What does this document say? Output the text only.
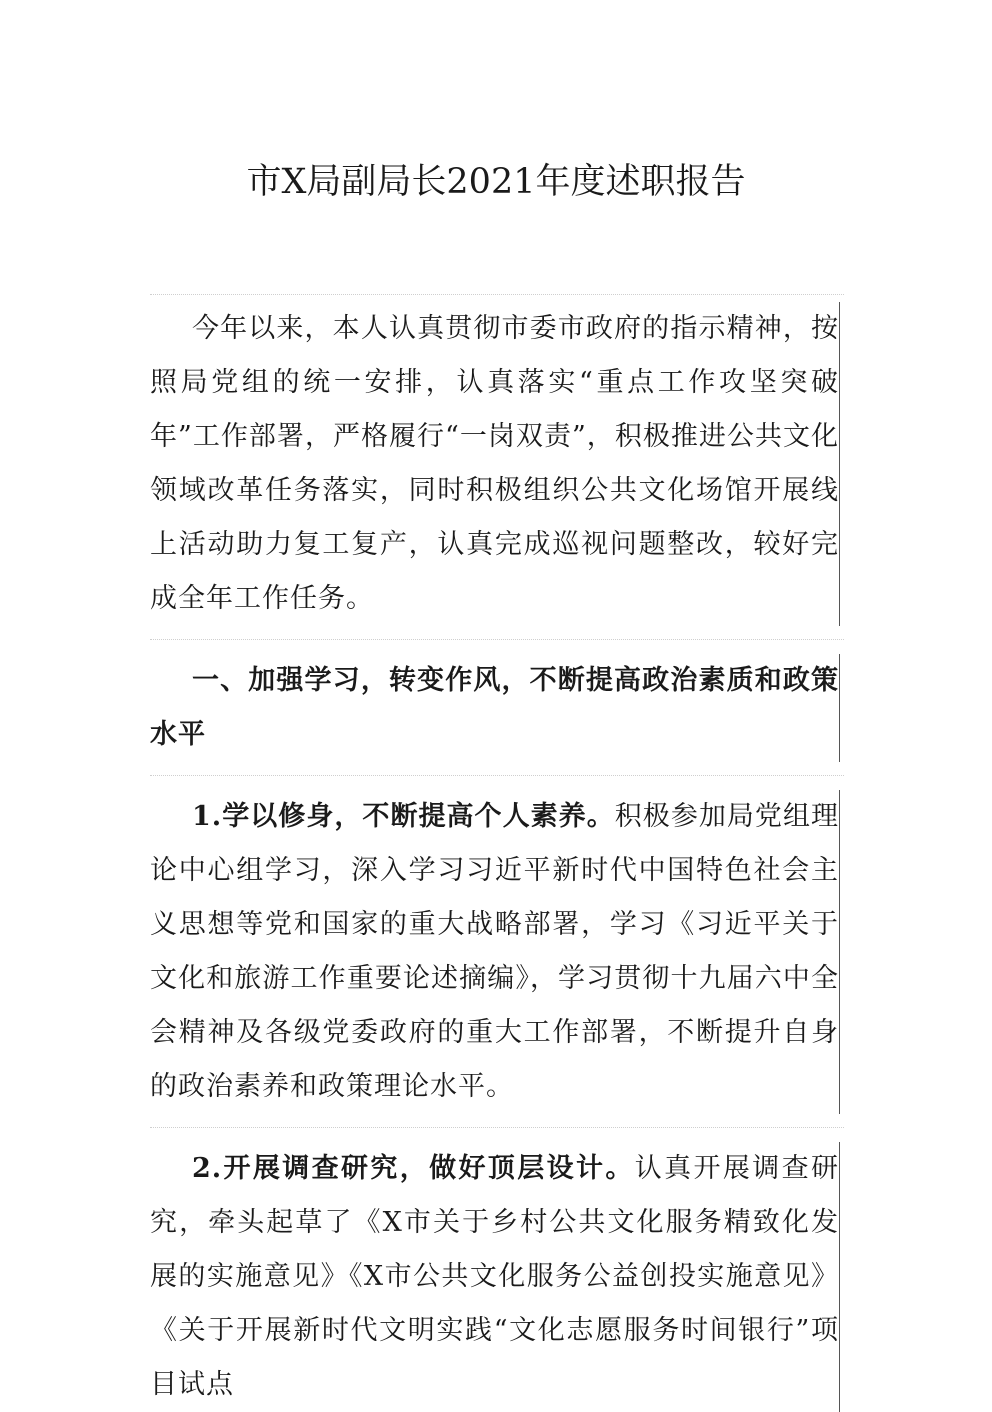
市X局副局长2021年度述职报告
今年以来，本人认真贯彻市委市政府的指示精神，按照局党组的统一安排，认真落实“重点工作攻坚突破年”工作部署，严格履行“一岗双责”，积极推进公共文化领域改革任务落实，同时积极组织公共文化场馆开展线上活动助力复工复产，认真完成巡视问题整改，较好完成全年工作任务。
一、加强学习，转变作风，不断提高政治素质和政策水平
1.学以修身，不断提高个人素养。积极参加局党组理论中心组学习，深入学习习近平新时代中国特色社会主义思想等党和国家的重大战略部署，学习《习近平关于文化和旅游工作重要论述摘编》，学习贯彻十九届六中全会精神及各级党委政府的重大工作部署，不断提升自身的政治素养和政策理论水平。
2.开展调查研究，做好顶层设计。认真开展调查研究，牵头起草了《X市关于乡村公共文化服务精致化发展的实施意见》《X市公共文化服务公益创投实施意见》《关于开展新时代文明实践“文化志愿服务时间银行”项目试点
